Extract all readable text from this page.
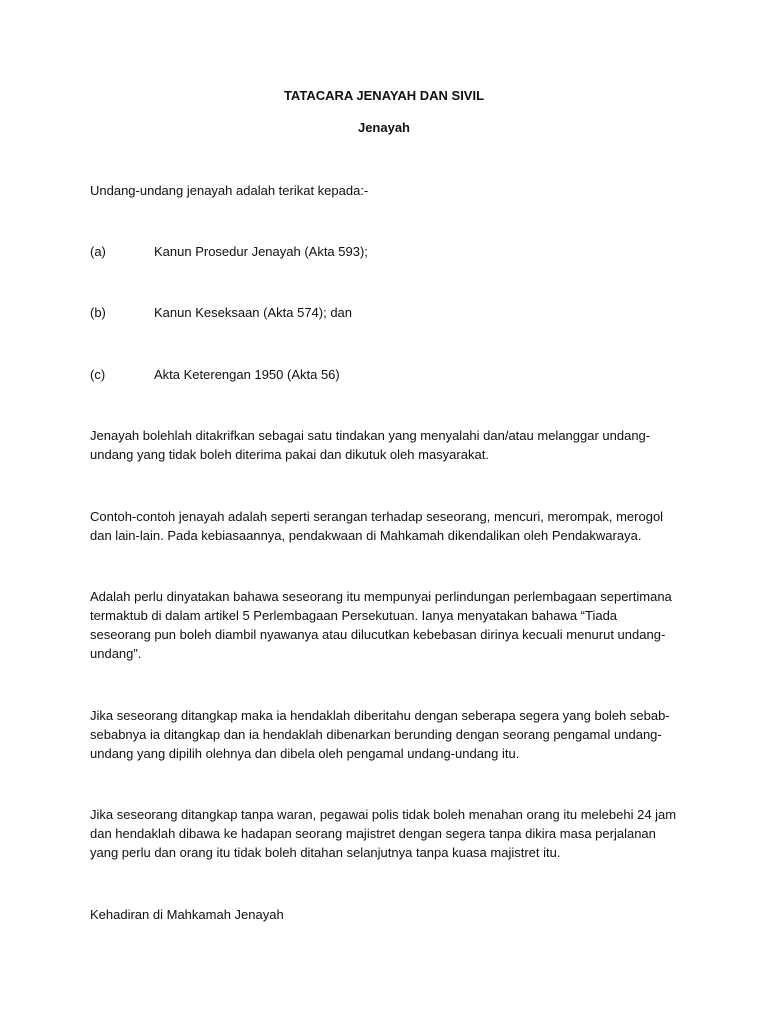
TATACARA JENAYAH DAN SIVIL

Jenayah

Undang-undang jenayah adalah terikat kepada:-

(a)	Kanun Prosedur Jenayah (Akta 593);

(b)	Kanun Keseksaan (Akta 574); dan

(c)	Akta Keterengan 1950 (Akta 56)

Jenayah bolehlah ditakrifkan sebagai satu tindakan yang menyalahi dan/atau melanggar undang-undang yang tidak boleh diterima pakai dan dikutuk oleh masyarakat.

Contoh-contoh jenayah adalah seperti serangan terhadap seseorang, mencuri, merompak, merogol dan lain-lain. Pada kebiasaannya, pendakwaan di Mahkamah dikendalikan oleh Pendakwaraya.

Adalah perlu dinyatakan bahawa seseorang itu mempunyai perlindungan perlembagaan sepertimana termaktub di dalam artikel 5 Perlembagaan Persekutuan. Ianya menyatakan bahawa “Tiada seseorang pun boleh diambil nyawanya atau dilucutkan kebebasan dirinya kecuali menurut undang-undang”.

Jika seseorang ditangkap maka ia hendaklah diberitahu dengan seberapa segera yang boleh sebab-sebabnya ia ditangkap dan ia hendaklah dibenarkan berunding dengan seorang pengamal undang-undang yang dipilih olehnya dan dibela oleh pengamal undang-undang itu.

Jika seseorang ditangkap tanpa waran, pegawai polis tidak boleh menahan orang itu melebehi 24 jam dan hendaklah dibawa ke hadapan seorang majistret dengan segera tanpa dikira masa perjalanan yang perlu dan orang itu tidak boleh ditahan selanjutnya tanpa kuasa majistret itu.

Kehadiran di Mahkamah Jenayah
